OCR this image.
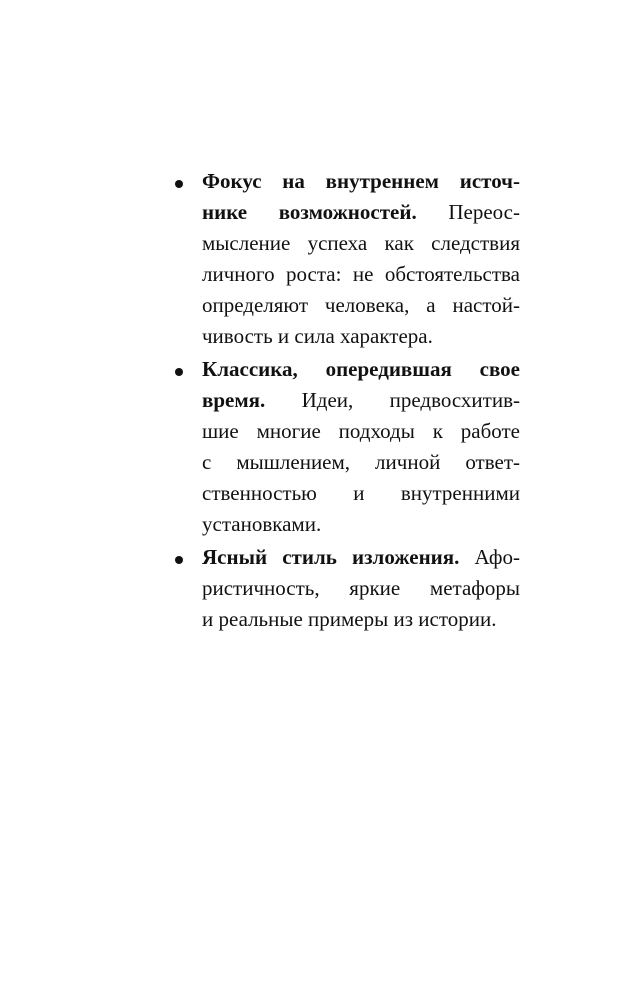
Фокус на внутреннем источ-
нике возможностей. Переос-
мысление успеха как следствия
личного роста: не обстоятельства
определяют человека, а настой-
чивость и сила характера.
Классика, опередившая свое
время. Идеи, предвосхитив-
шие многие подходы к работе
с мышлением, личной ответ-
ственностью и внутренними
установками.
Ясный стиль изложения. Афо-
ристичность, яркие метафоры
и реальные примеры из истории.
